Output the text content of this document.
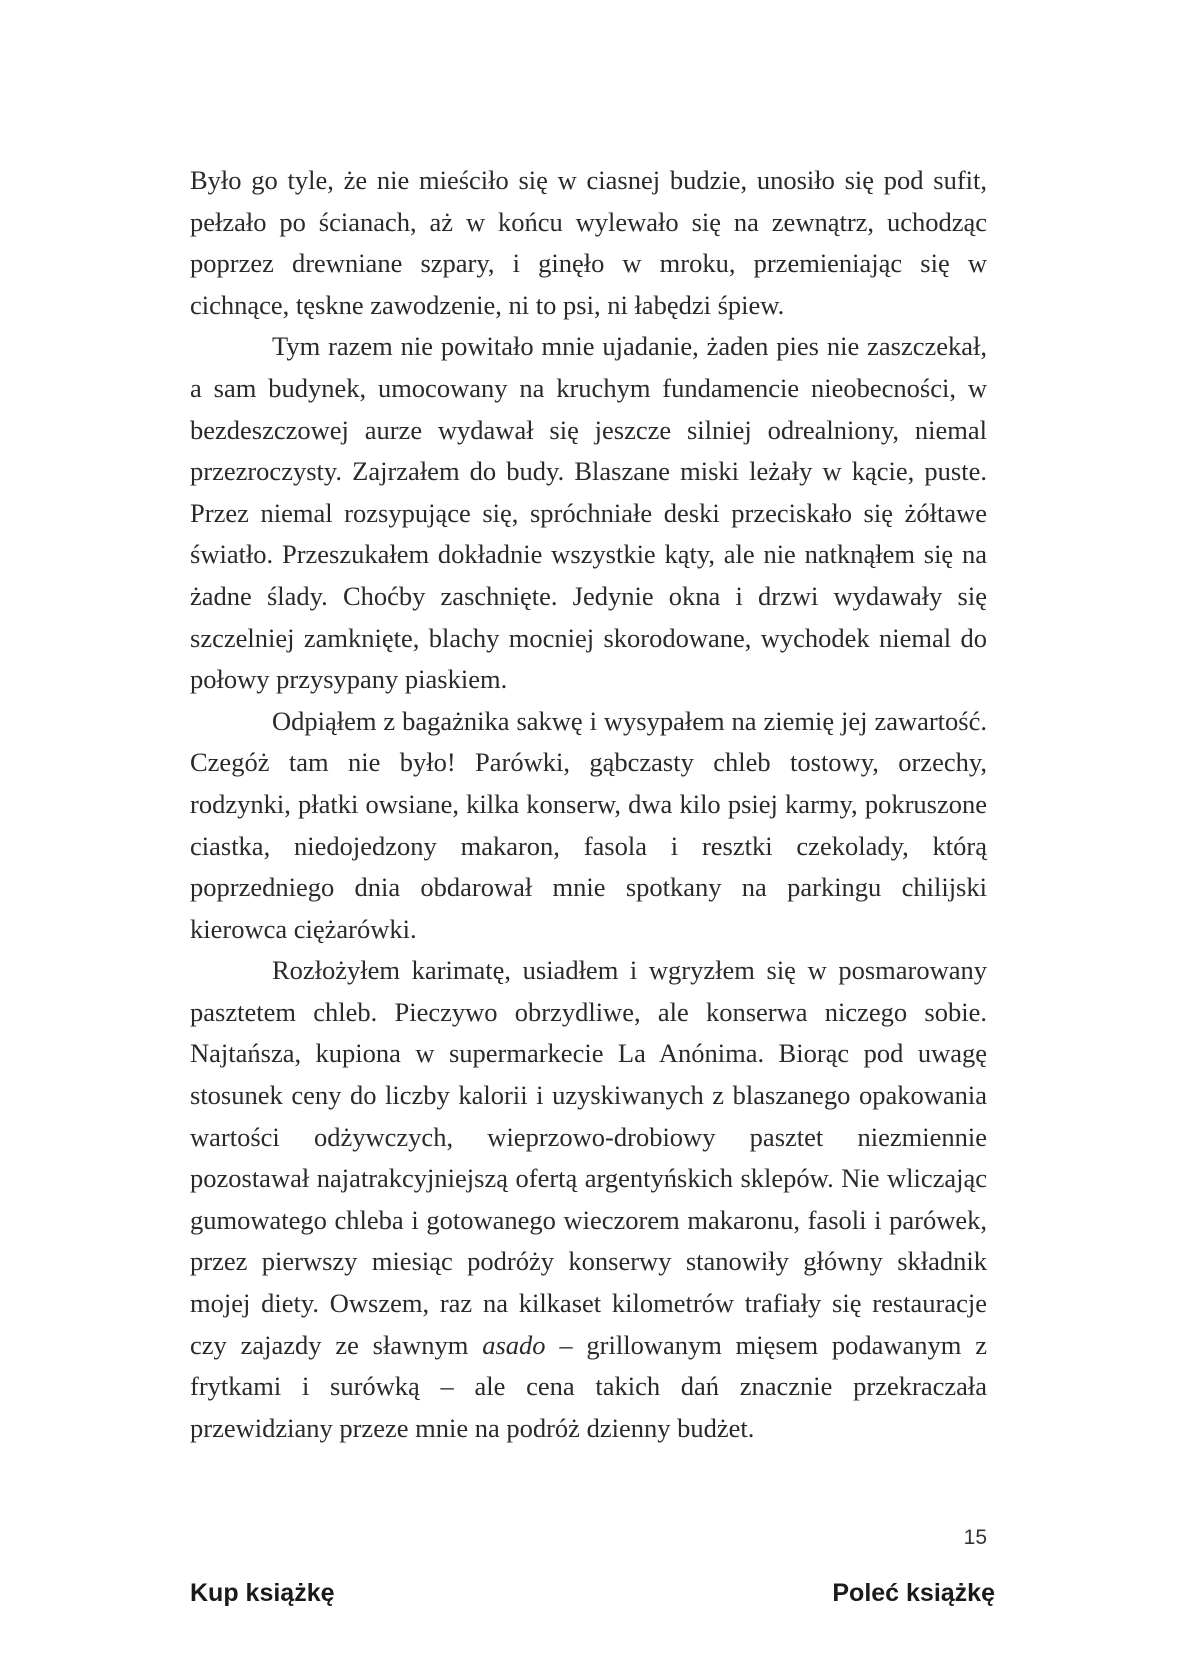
Było go tyle, że nie mieściło się w ciasnej budzie, unosiło się pod sufit, pełzało po ścianach, aż w końcu wylewało się na zewnątrz, uchodząc poprzez drewniane szpary, i ginęło w mroku, przemieniając się w cichnące, tęskne zawodzenie, ni to psi, ni łabędzi śpiew.

Tym razem nie powitało mnie ujadanie, żaden pies nie zaszczekał, a sam budynek, umocowany na kruchym fundamencie nieobecności, w bezdeszczowej aurze wydawał się jeszcze silniej odrealniony, niemal przezroczysty. Zajrzałem do budy. Blaszane miski leżały w kącie, puste. Przez niemal rozsypujące się, spróchniałe deski przeciskało się żółtawe światło. Przeszukałem dokładnie wszystkie kąty, ale nie natknąłem się na żadne ślady. Choćby zaschnięte. Jedynie okna i drzwi wydawały się szczelniej zamknięte, blachy mocniej skorodowane, wychodek niemal do połowy przysypany piaskiem.

Odpiąłem z bagażnika sakwę i wysypałem na ziemię jej zawartość. Czegóż tam nie było! Parówki, gąbczasty chleb tostowy, orzechy, rodzynki, płatki owsiane, kilka konserw, dwa kilo psiej karmy, pokruszone ciastka, niedojedzony makaron, fasola i resztki czekolady, którą poprzedniego dnia obdarował mnie spotkany na parkingu chilijski kierowca ciężarówki.

Rozłożyłem karimatę, usiadłem i wgryzłem się w posmarowany pasztetem chleb. Pieczywo obrzydliwe, ale konserwa niczego sobie. Najtańsza, kupiona w supermarkecie La Anónima. Biorąc pod uwagę stosunek ceny do liczby kalorii i uzyskiwanych z blaszanego opakowania wartości odżywczych, wieprzowo-drobiowy pasztet niezmiennie pozostawał najatrakcyjniejszą ofertą argentyńskich sklepów. Nie wliczając gumowatego chleba i gotowanego wieczorem makaronu, fasoli i parówek, przez pierwszy miesiąc podróży konserwy stanowiły główny składnik mojej diety. Owszem, raz na kilkaset kilometrów trafiały się restauracje czy zajazdy ze sławnym asado – grillowanym mięsem podawanym z frytkami i surówką – ale cena takich dań znacznie przekraczała przewidziany przeze mnie na podróż dzienny budżet.

15
Kup książkę	Poleć książkę
